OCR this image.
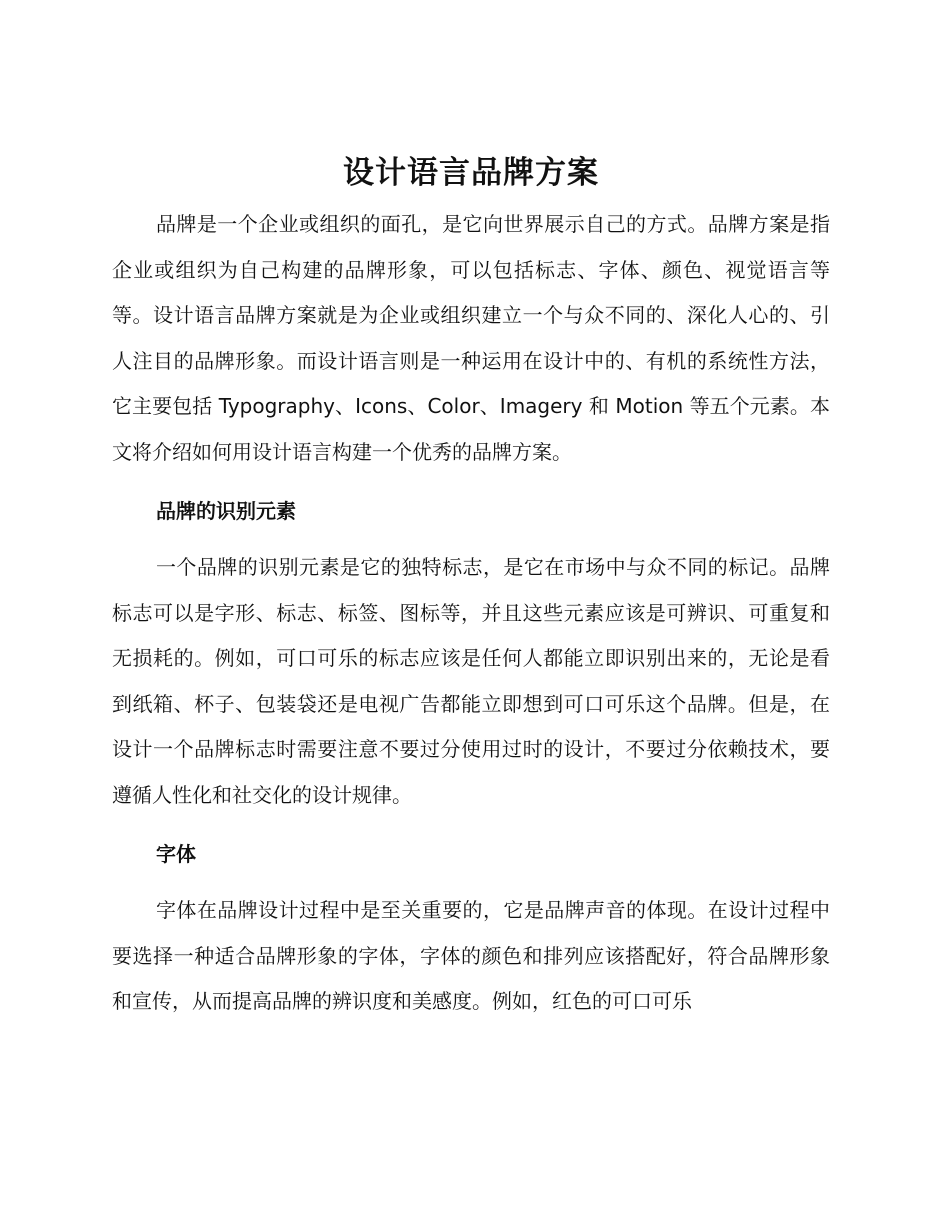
设计语言品牌方案

品牌是一个企业或组织的面孔，是它向世界展示自己的方式。品牌方案是指企业或组织为自己构建的品牌形象，可以包括标志、字体、颜色、视觉语言等等。设计语言品牌方案就是为企业或组织建立一个与众不同的、深化人心的、引人注目的品牌形象。而设计语言则是一种运用在设计中的、有机的系统性方法，它主要包括 Typography、Icons、Color、Imagery 和 Motion 等五个元素。本文将介绍如何用设计语言构建一个优秀的品牌方案。

品牌的识别元素

一个品牌的识别元素是它的独特标志，是它在市场中与众不同的标记。品牌标志可以是字形、标志、标签、图标等，并且这些元素应该是可辨识、可重复和无损耗的。例如，可口可乐的标志应该是任何人都能立即识别出来的，无论是看到纸箱、杯子、包装袋还是电视广告都能立即想到可口可乐这个品牌。但是，在设计一个品牌标志时需要注意不要过分使用过时的设计，不要过分依赖技术，要遵循人性化和社交化的设计规律。

字体

字体在品牌设计过程中是至关重要的，它是品牌声音的体现。在设计过程中要选择一种适合品牌形象的字体，字体的颜色和排列应该搭配好，符合品牌形象和宣传，从而提高品牌的辨识度和美感度。例如，红色的可口可乐
